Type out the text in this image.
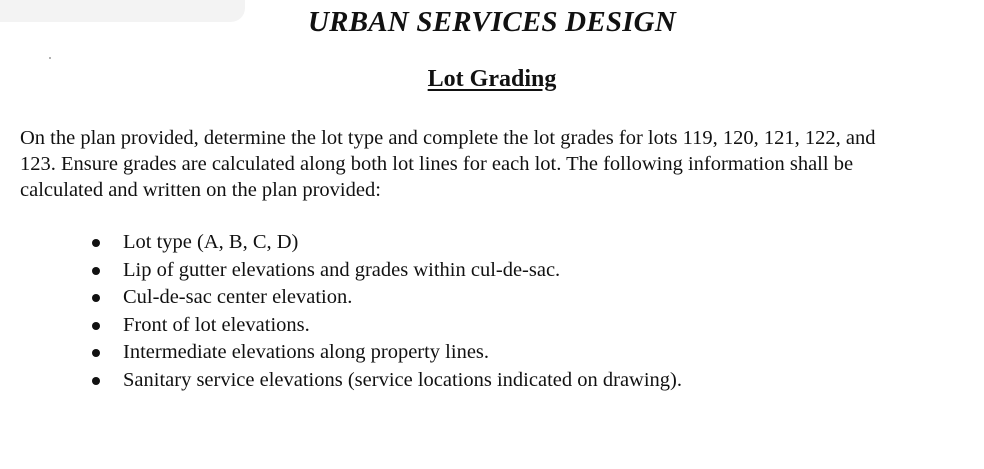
URBAN SERVICES DESIGN
Lot Grading

On the plan provided, determine the lot type and complete the lot grades for lots 119, 120, 121, 122, and
123. Ensure grades are calculated along both lot lines for each lot. The following information shall be
calculated and written on the plan provided:

Lot type (A, B, C, D)
Lip of gutter elevations and grades within cul-de-sac.
Cul-de-sac center elevation.
Front of lot elevations.
Intermediate elevations along property lines.
Sanitary service elevations (service locations indicated on drawing).
